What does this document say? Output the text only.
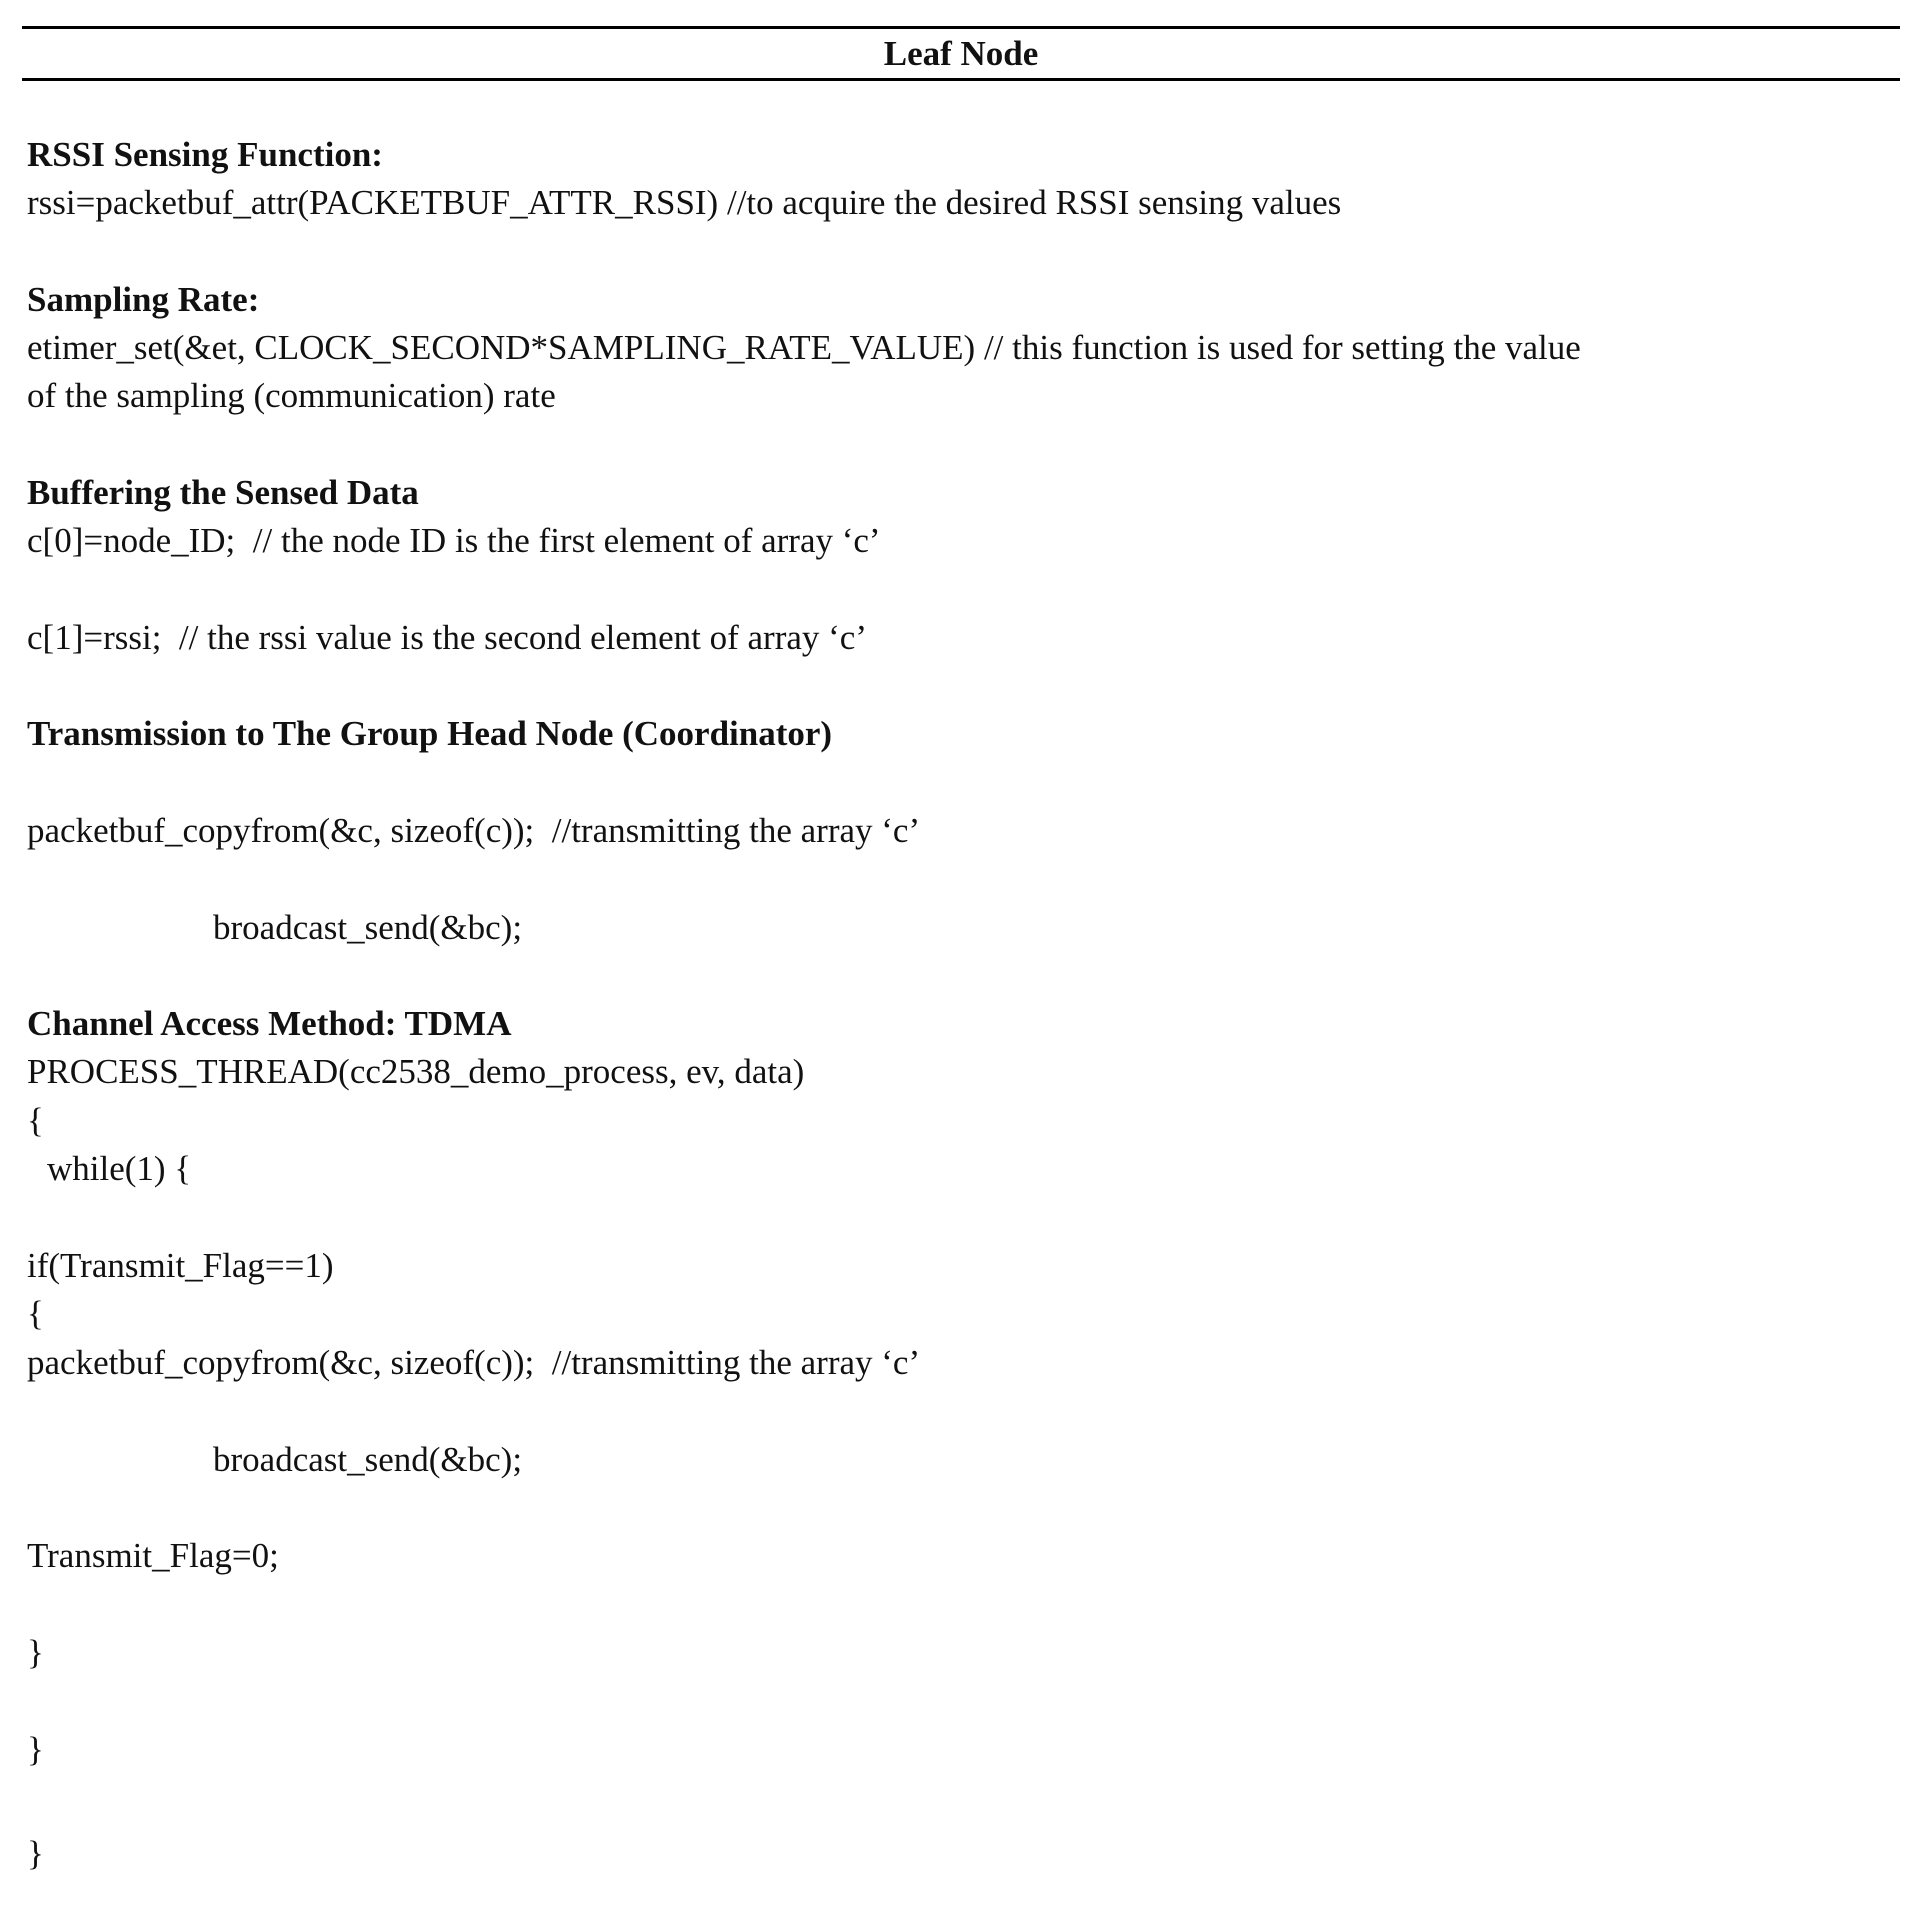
Leaf Node
RSSI Sensing Function:
rssi=packetbuf_attr(PACKETBUF_ATTR_RSSI) //to acquire the desired RSSI sensing values
Sampling Rate:
etimer_set(&et, CLOCK_SECOND*SAMPLING_RATE_VALUE) // this function is used for setting the value
of the sampling (communication) rate
Buffering the Sensed Data
c[0]=node_ID;  // the node ID is the first element of array ‘c’
c[1]=rssi;  // the rssi value is the second element of array ‘c’
Transmission to The Group Head Node (Coordinator)
packetbuf_copyfrom(&c, sizeof(c));  //transmitting the array ‘c’
broadcast_send(&bc);
Channel Access Method: TDMA
PROCESS_THREAD(cc2538_demo_process, ev, data)
{
while(1) {
if(Transmit_Flag==1)
{
packetbuf_copyfrom(&c, sizeof(c));  //transmitting the array ‘c’
broadcast_send(&bc);
Transmit_Flag=0;
}
}
}
